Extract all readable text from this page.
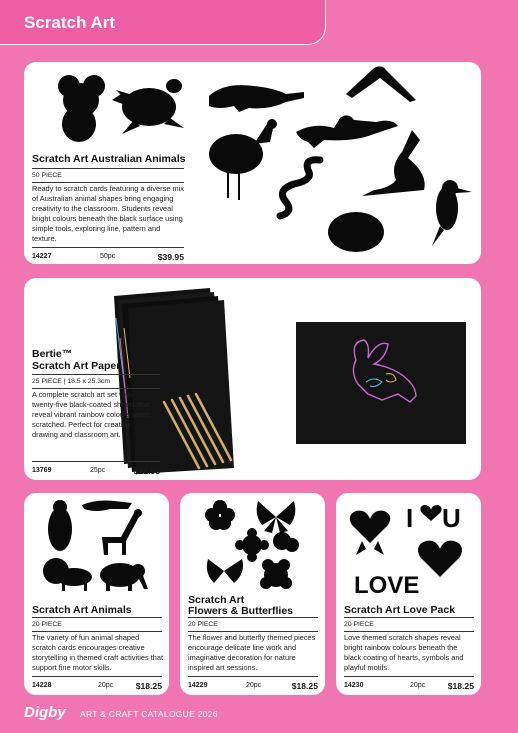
Scratch Art
Scratch Art Australian Animals
50 PIECE
Ready to scratch cards featuring a diverse mix of Australian animal shapes bring engaging creativity to the classroom. Students reveal bright colours beneath the black surface using simple tools, exploring line, pattern and texture.
14227	50pc	$39.95
Bertie™
Scratch Art Paper
25 PIECE | 18.5 x 25.3cm
A complete scratch art set with twenty-five black-coated sheets that reveal vibrant rainbow colours when scratched. Perfect for creative drawing and classroom art.
13769	25pc	$21.95
Scratch Art Animals
20 PIECE
The variety of fun animal shaped scratch cards encourages creative storytelling in themed craft activities that support fine motor skills.
14228	20pc	$18.25
Scratch Art
Flowers & Butterflies
20 PIECE
The flower and butterfly themed pieces encourage delicate line work and imaginative decoration for nature inspired art sessions.
14229	20pc	$18.25
I U
LOVE
Scratch Art Love Pack
20 PIECE
Love themed scratch shapes reveal bright rainbow colours beneath the black coating of hearts, symbols and playful motifs.
14230	20pc	$18.25
Digby ART & CRAFT CATALOGUE 2026
